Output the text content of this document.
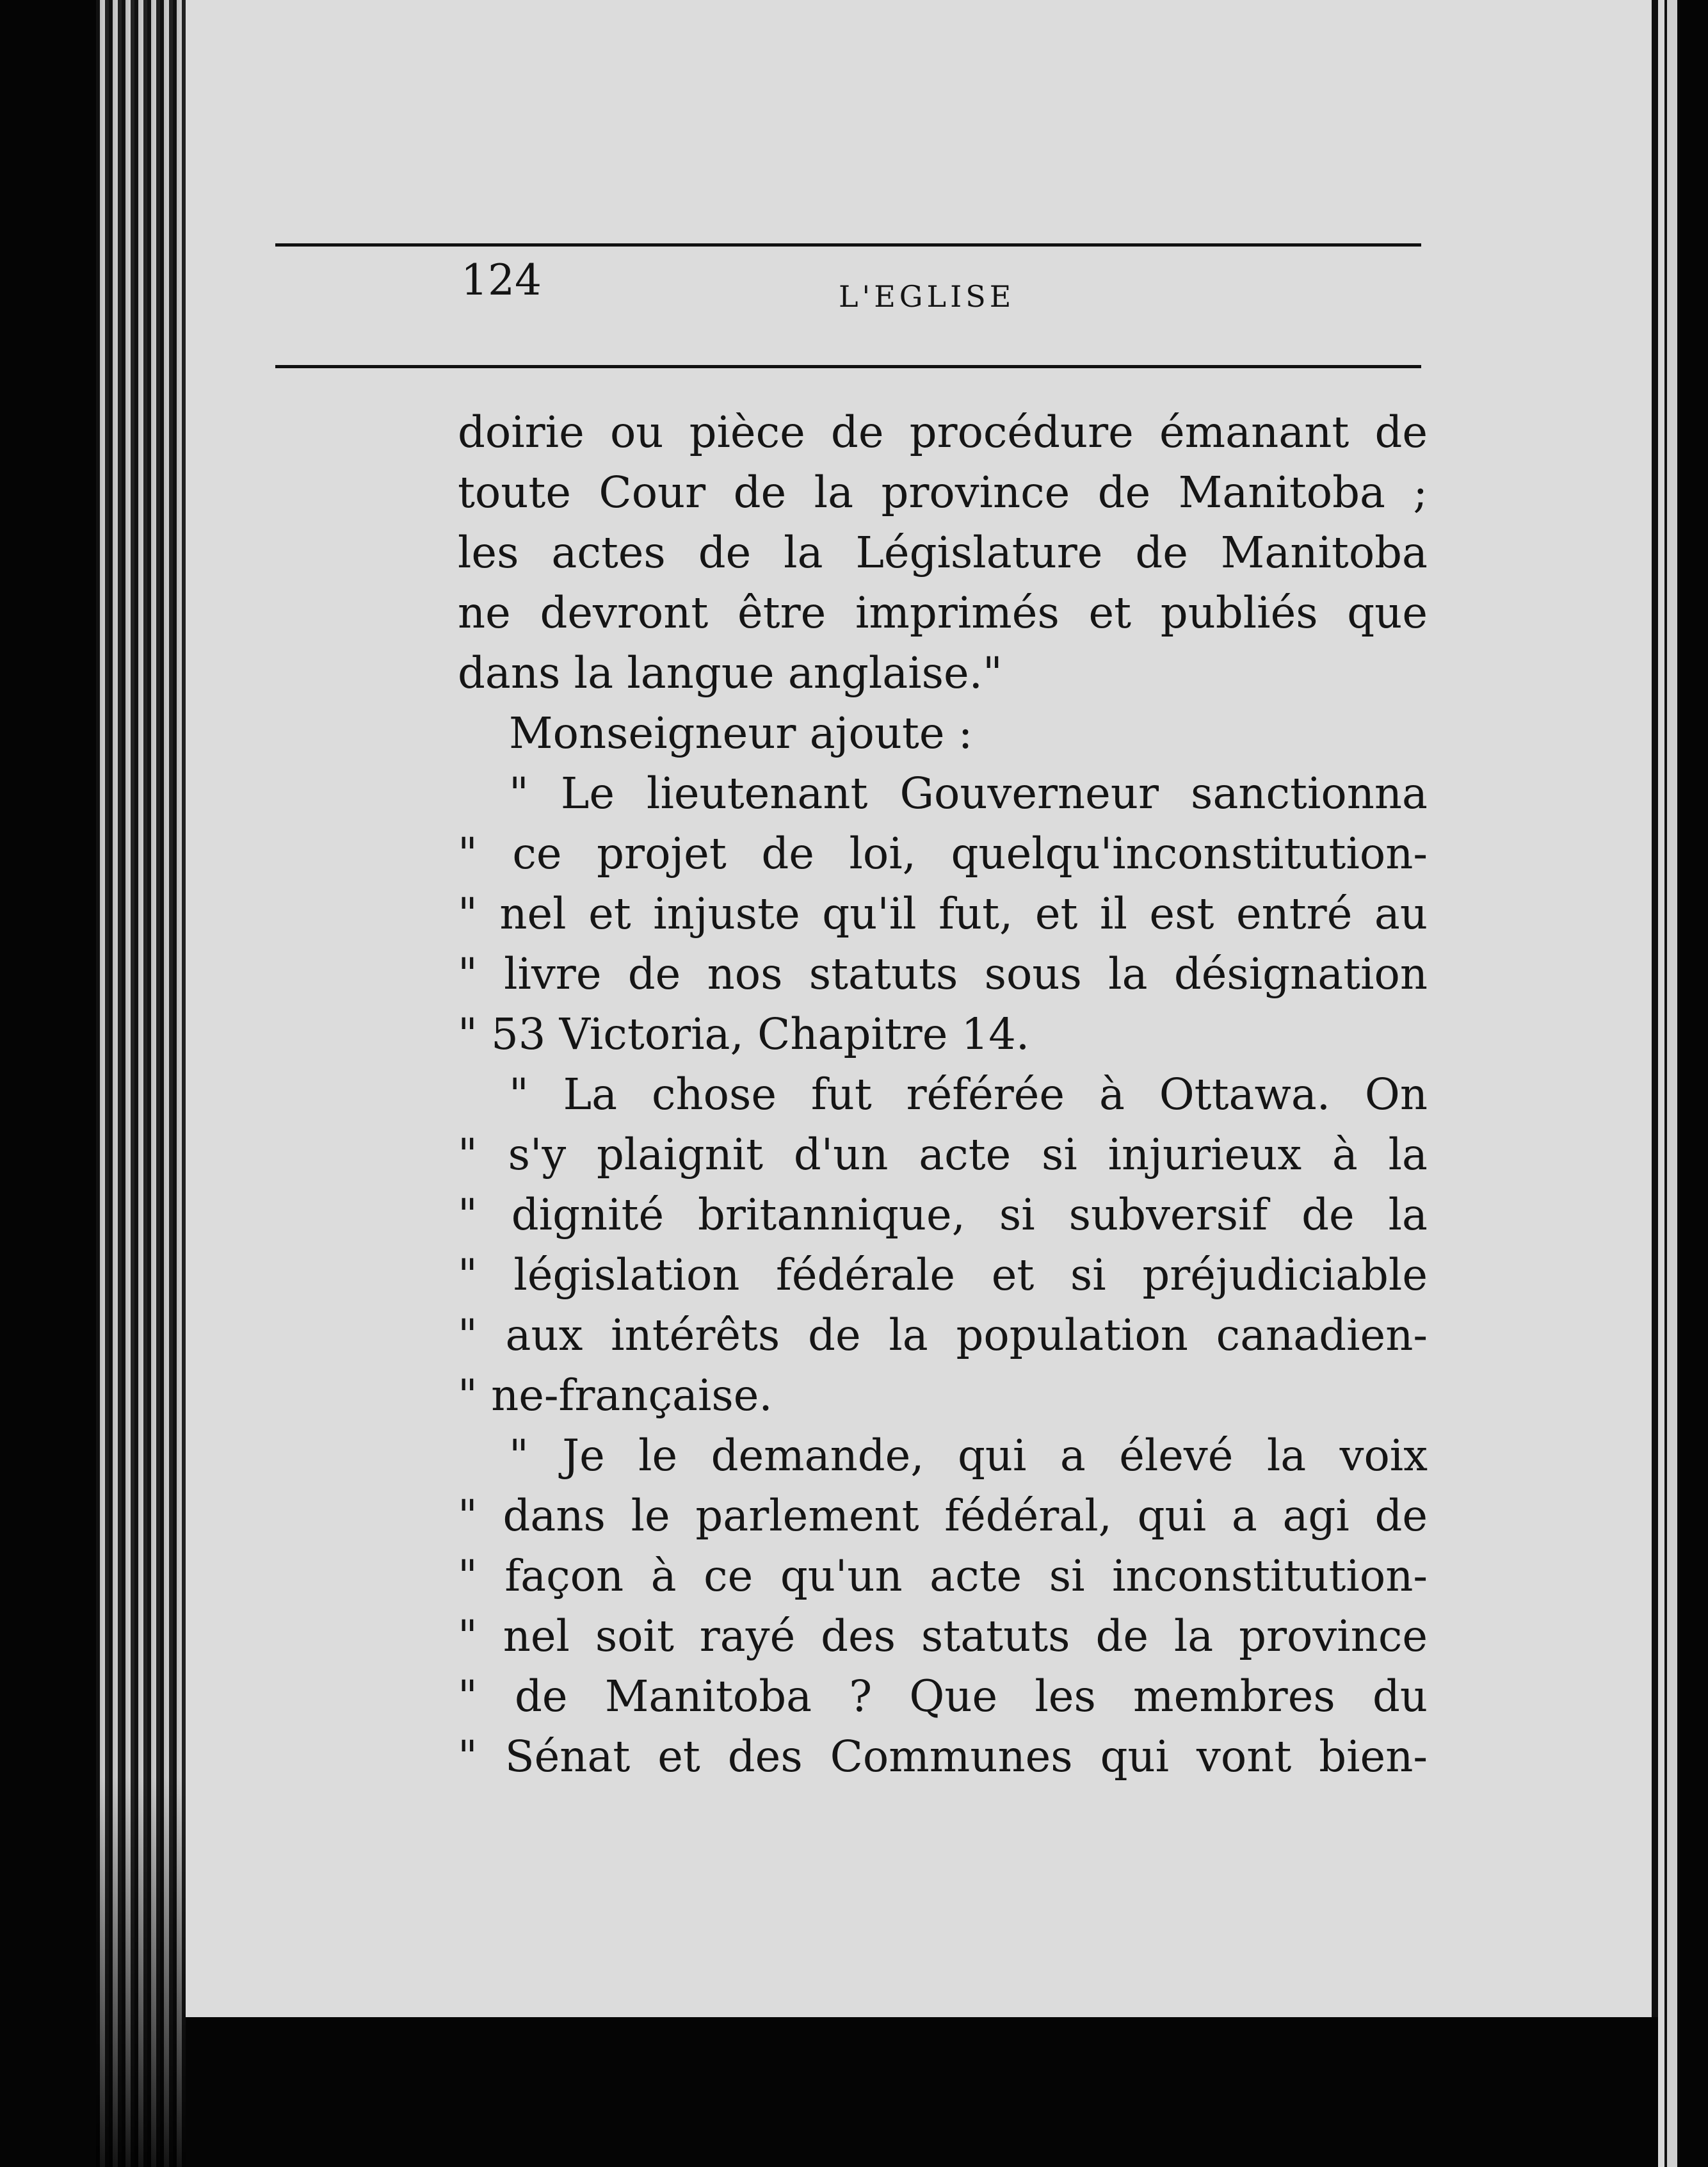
124	L'EGLISE
doirie ou pièce de procédure émanant de
toute Cour de la province de Manitoba ;
les actes de la Législature de Manitoba
ne devront être imprimés et publiés que
dans la langue anglaise."
Monseigneur ajoute :
" Le lieutenant Gouverneur sanctionna
" ce projet de loi, quelqu'inconstitution-
" nel et injuste qu'il fut, et il est entré au
" livre de nos statuts sous la désignation
" 53 Victoria, Chapitre 14.
" La chose fut référée à Ottawa. On
" s'y plaignit d'un acte si injurieux à la
" dignité britannique, si subversif de la
" législation fédérale et si préjudiciable
" aux intérêts de la population canadien-
" ne-française.
" Je le demande, qui a élevé la voix
" dans le parlement fédéral, qui a agi de
" façon à ce qu'un acte si inconstitution-
" nel soit rayé des statuts de la province
" de Manitoba ? Que les membres du
" Sénat et des Communes qui vont bien-
